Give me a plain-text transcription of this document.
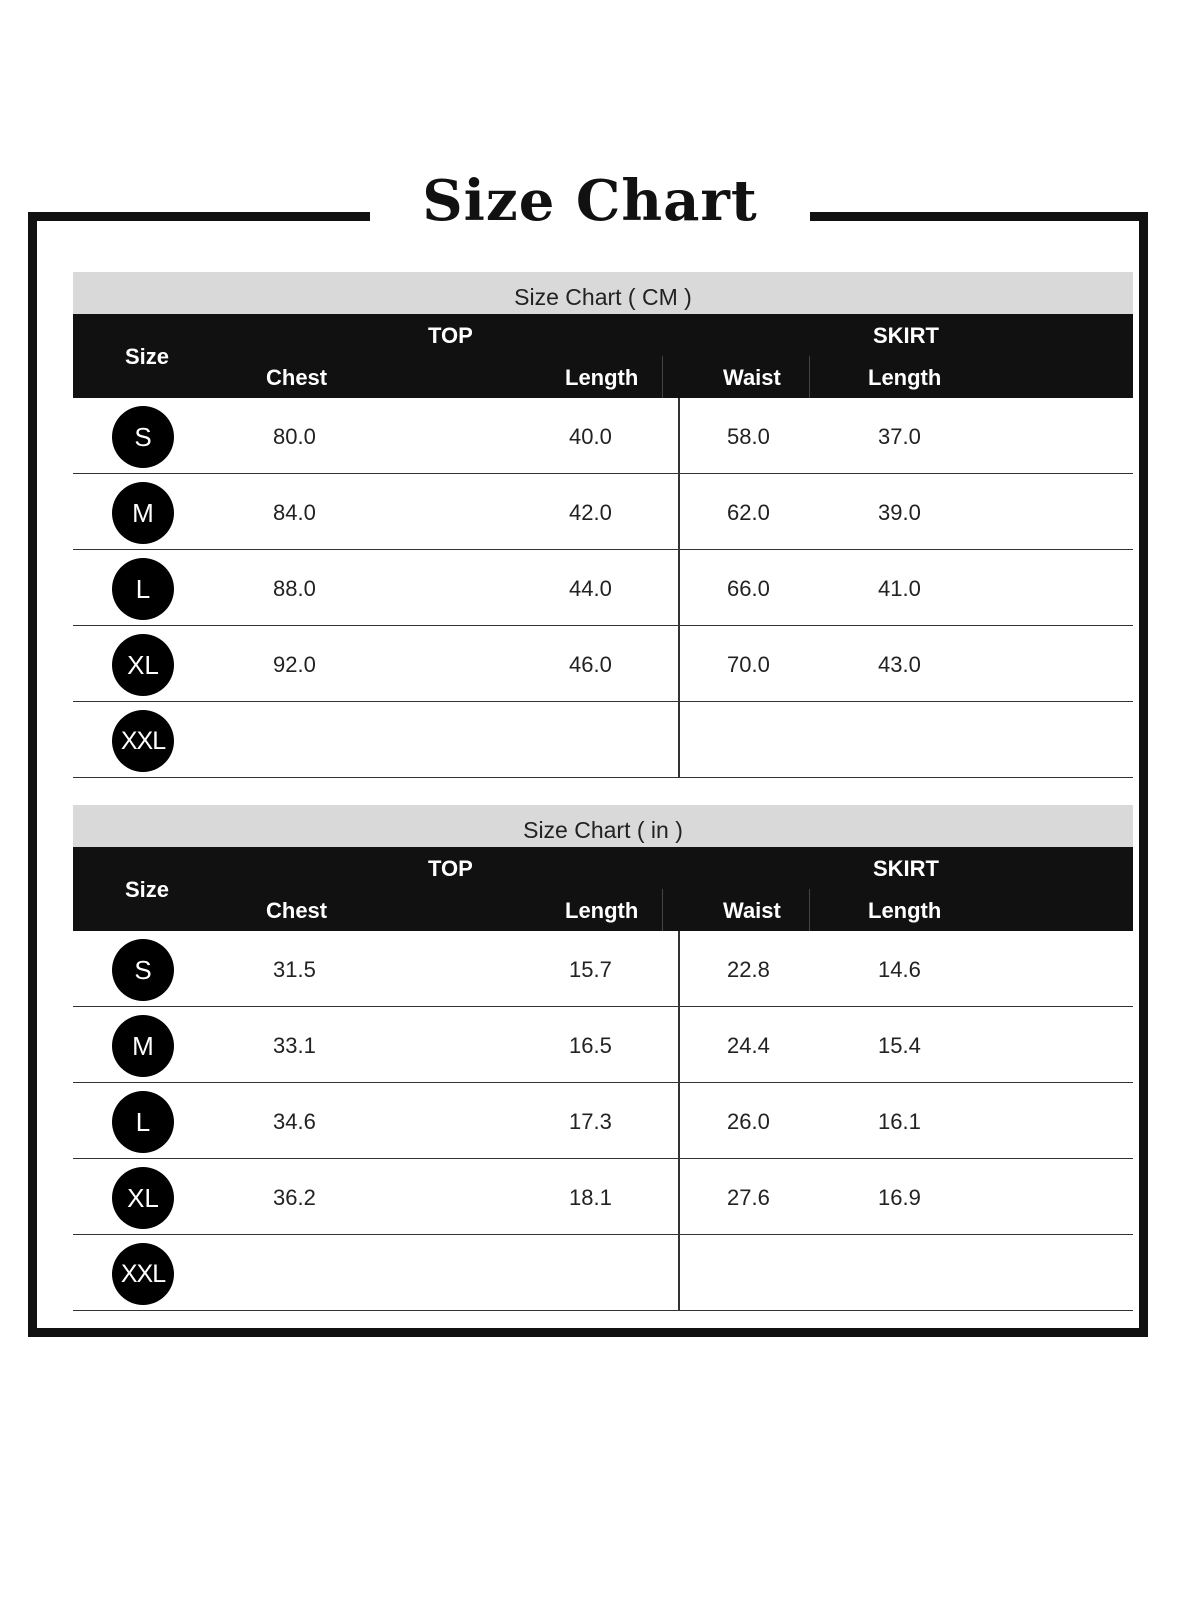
Size Chart
Size Chart ( CM )
Size
TOP	SKIRT
Chest	Length	Waist	Length
S	80.0	40.0	58.0	37.0
M	84.0	42.0	62.0	39.0
L	88.0	44.0	66.0	41.0
XL	92.0	46.0	70.0	43.0
XXL
Size Chart ( in )
Size
TOP	SKIRT
Chest	Length	Waist	Length
S	31.5	15.7	22.8	14.6
M	33.1	16.5	24.4	15.4
L	34.6	17.3	26.0	16.1
XL	36.2	18.1	27.6	16.9
XXL
